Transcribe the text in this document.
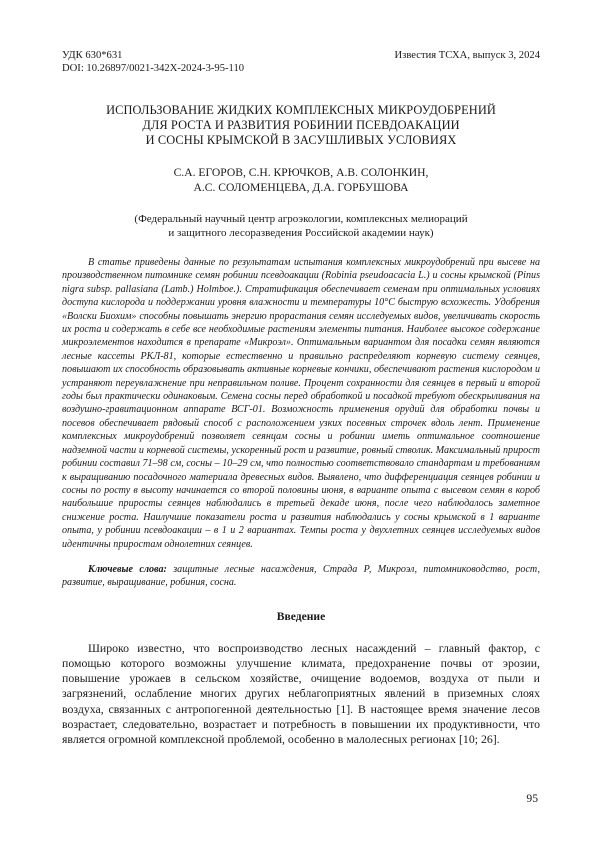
УДК 630*631
DOI: 10.26897/0021-342X-2024-3-95-110
Известия ТСХА, выпуск 3, 2024
ИСПОЛЬЗОВАНИЕ ЖИДКИХ КОМПЛЕКСНЫХ МИКРОУДОБРЕНИЙ
ДЛЯ РОСТА И РАЗВИТИЯ РОБИНИИ ПСЕВДОАКАЦИИ
И СОСНЫ КРЫМСКОЙ В ЗАСУШЛИВЫХ УСЛОВИЯХ
С.А. ЕГОРОВ, С.Н. КРЮЧКОВ, А.В. СОЛОНКИН,
А.С. СОЛОМЕНЦЕВА, Д.А. ГОРБУШОВА
(Федеральный научный центр агроэкологии, комплексных мелиораций
и защитного лесоразведения Российской академии наук)

В статье приведены данные по результатам испытания комплексных микроудобрений при высеве на производственном питомнике семян робинии псевдоакации (Robinia pseudoacacia L.) и сосны крымской (Pinus nigra subsp. pallasiana (Lamb.) Holmboe.). Стратификация обеспечивает семенам при оптимальных условиях доступа кислорода и поддержании уровня влажности и температуры 10°С быструю всхожесть. Удобрения «Волски Биохим» способны повышать энергию прорастания семян исследуемых видов, увеличивать скорость их роста и содержать в себе все необходимые растениям элементы питания. Наиболее высокое содержание микроэлементов находится в препарате «Микроэл». Оптимальным вариантом для посадки семян являются лесные кассеты РКЛ-81, которые естественно и правильно распределяют корневую систему сеянцев, повышают их способность образовывать активные корневые кончики, обеспечивают растения кислородом и устраняют переувлажнение при неправильном поливе. Процент сохранности для сеянцев в первый и второй годы был практически одинаковым. Семена сосны перед обработкой и посадкой требуют обескрыливания на воздушно-гравитационном аппарате ВСГ-01. Возможность применения орудий для обработки почвы и посевов обеспечивает рядовый способ с расположением узких посевных строчек вдоль лент. Применение комплексных микроудобрений позволяет сеянцам сосны и робинии иметь оптимальное соотношение надземной части и корневой системы, ускоренный рост и развитие, ровный стволик. Максимальный прирост робинии составил 71–98 см, сосны – 10–29 см, что полностью соответствовало стандартам и требованиям к выращиванию посадочного материала древесных видов. Выявлено, что дифференциация сеянцев робинии и сосны по росту в высоту начинается со второй половины июня, в варианте опыта с высевом семян в короб наибольшие приросты сеянцев наблюдались в третьей декаде июня, после чего наблюдалось заметное снижение роста. Наилучшие показатели роста и развития наблюдались у сосны крымской в 1 варианте опыта, у робинии псевдоакации – в 1 и 2 вариантах. Темпы роста у двухлетних сеянцев исследуемых видов идентичны приростам однолетних сеянцев.

Ключевые слова: защитные лесные насаждения, Страда Р, Микроэл, питомниководство, рост, развитие, выращивание, робиния, сосна.

Введение

Широко известно, что воспроизводство лесных насаждений – главный фактор, с помощью которого возможны улучшение климата, предохранение почвы от эрозии, повышение урожаев в сельском хозяйстве, очищение водоемов, воздуха от пыли и загрязнений, ослабление многих других неблагоприятных явлений в приземных слоях воздуха, связанных с антропогенной деятельностью [1]. В настоящее время значение лесов возрастает, следовательно, возрастает и потребность в повышении их продуктивности, что является огромной комплексной проблемой, особенно в малолесных регионах [10; 26].

95
